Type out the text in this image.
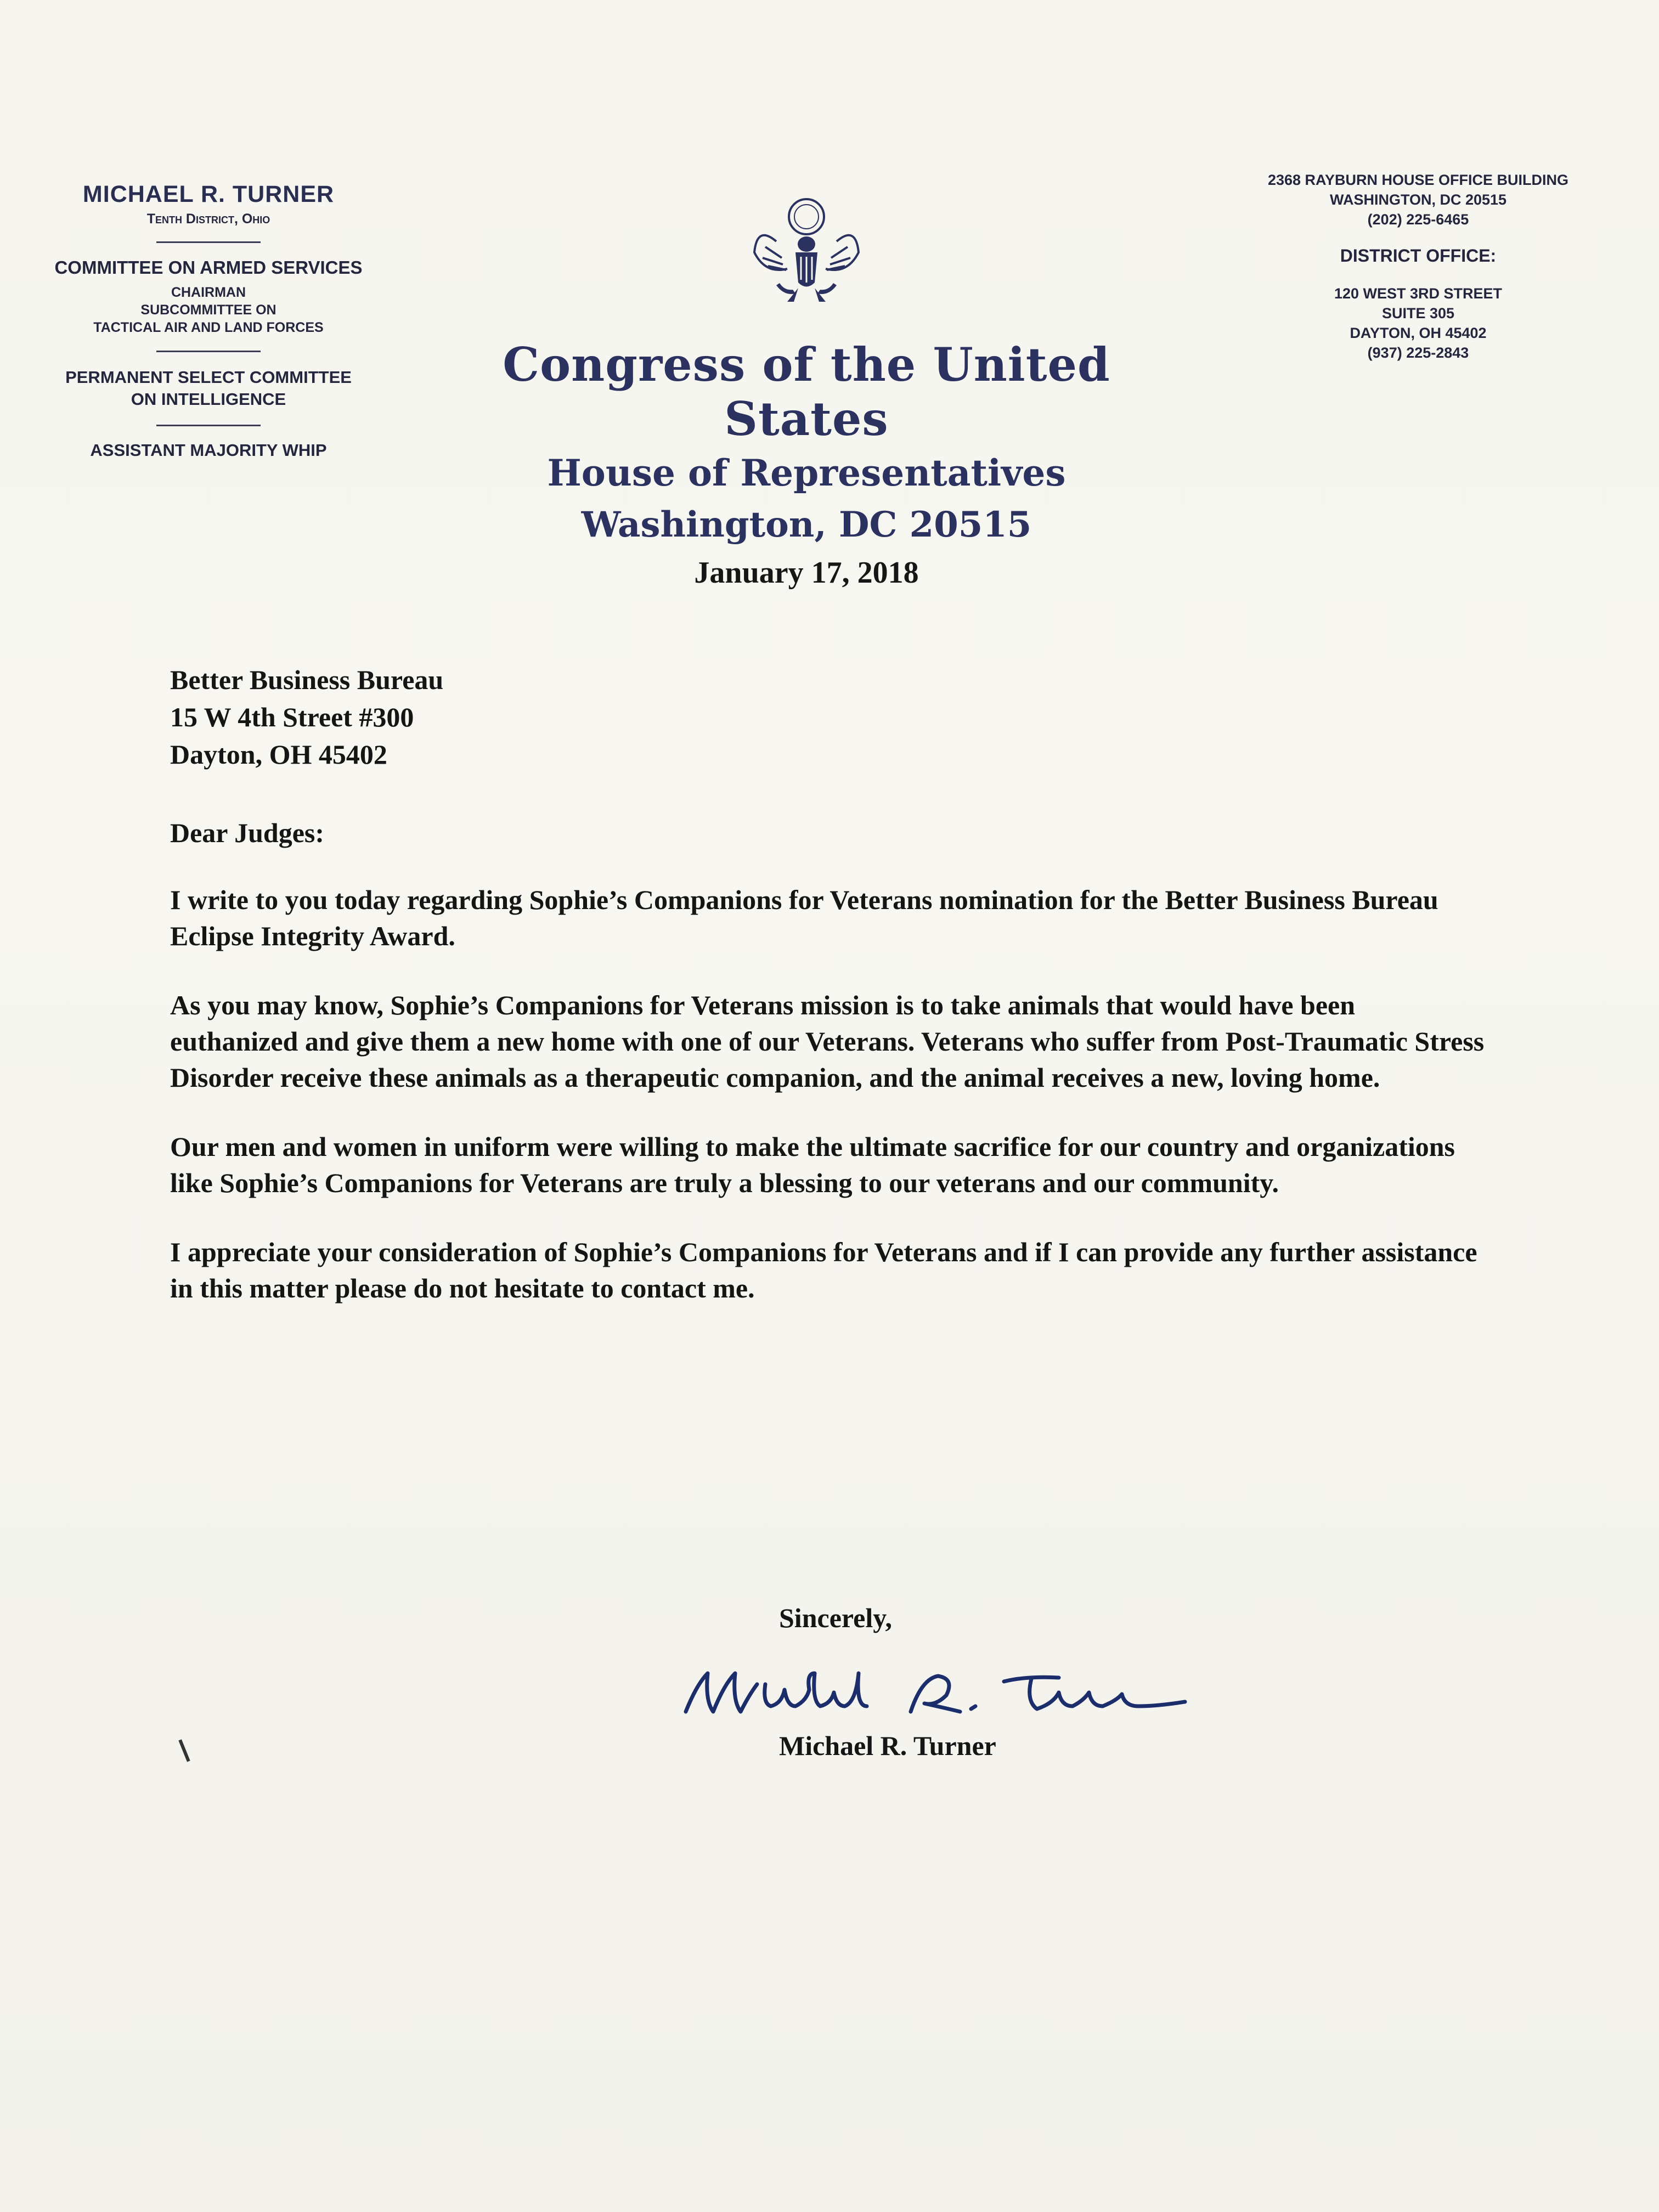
MICHAEL R. TURNER
Tenth District, Ohio
COMMITTEE ON ARMED SERVICES
CHAIRMAN
SUBCOMMITTEE ON
TACTICAL AIR AND LAND FORCES
PERMANENT SELECT COMMITTEE
ON INTELLIGENCE
ASSISTANT MAJORITY WHIP
Congress of the United States
House of Representatives
Washington, DC 20515
January 17, 2018
2368 RAYBURN HOUSE OFFICE BUILDING
WASHINGTON, DC 20515
(202) 225-6465
DISTRICT OFFICE:
120 WEST 3RD STREET
SUITE 305
DAYTON, OH 45402
(937) 225-2843
Better Business Bureau
15 W 4th Street #300
Dayton, OH 45402
Dear Judges:
I write to you today regarding Sophie’s Companions for Veterans nomination for the Better Business Bureau Eclipse Integrity Award.
As you may know, Sophie’s Companions for Veterans mission is to take animals that would have been euthanized and give them a new home with one of our Veterans. Veterans who suffer from Post-Traumatic Stress Disorder receive these animals as a therapeutic companion, and the animal receives a new, loving home.
Our men and women in uniform were willing to make the ultimate sacrifice for our country and organizations like Sophie’s Companions for Veterans are truly a blessing to our veterans and our community.
I appreciate your consideration of Sophie’s Companions for Veterans and if I can provide any further assistance in this matter please do not hesitate to contact me.
Sincerely,
Michael R. Turner
